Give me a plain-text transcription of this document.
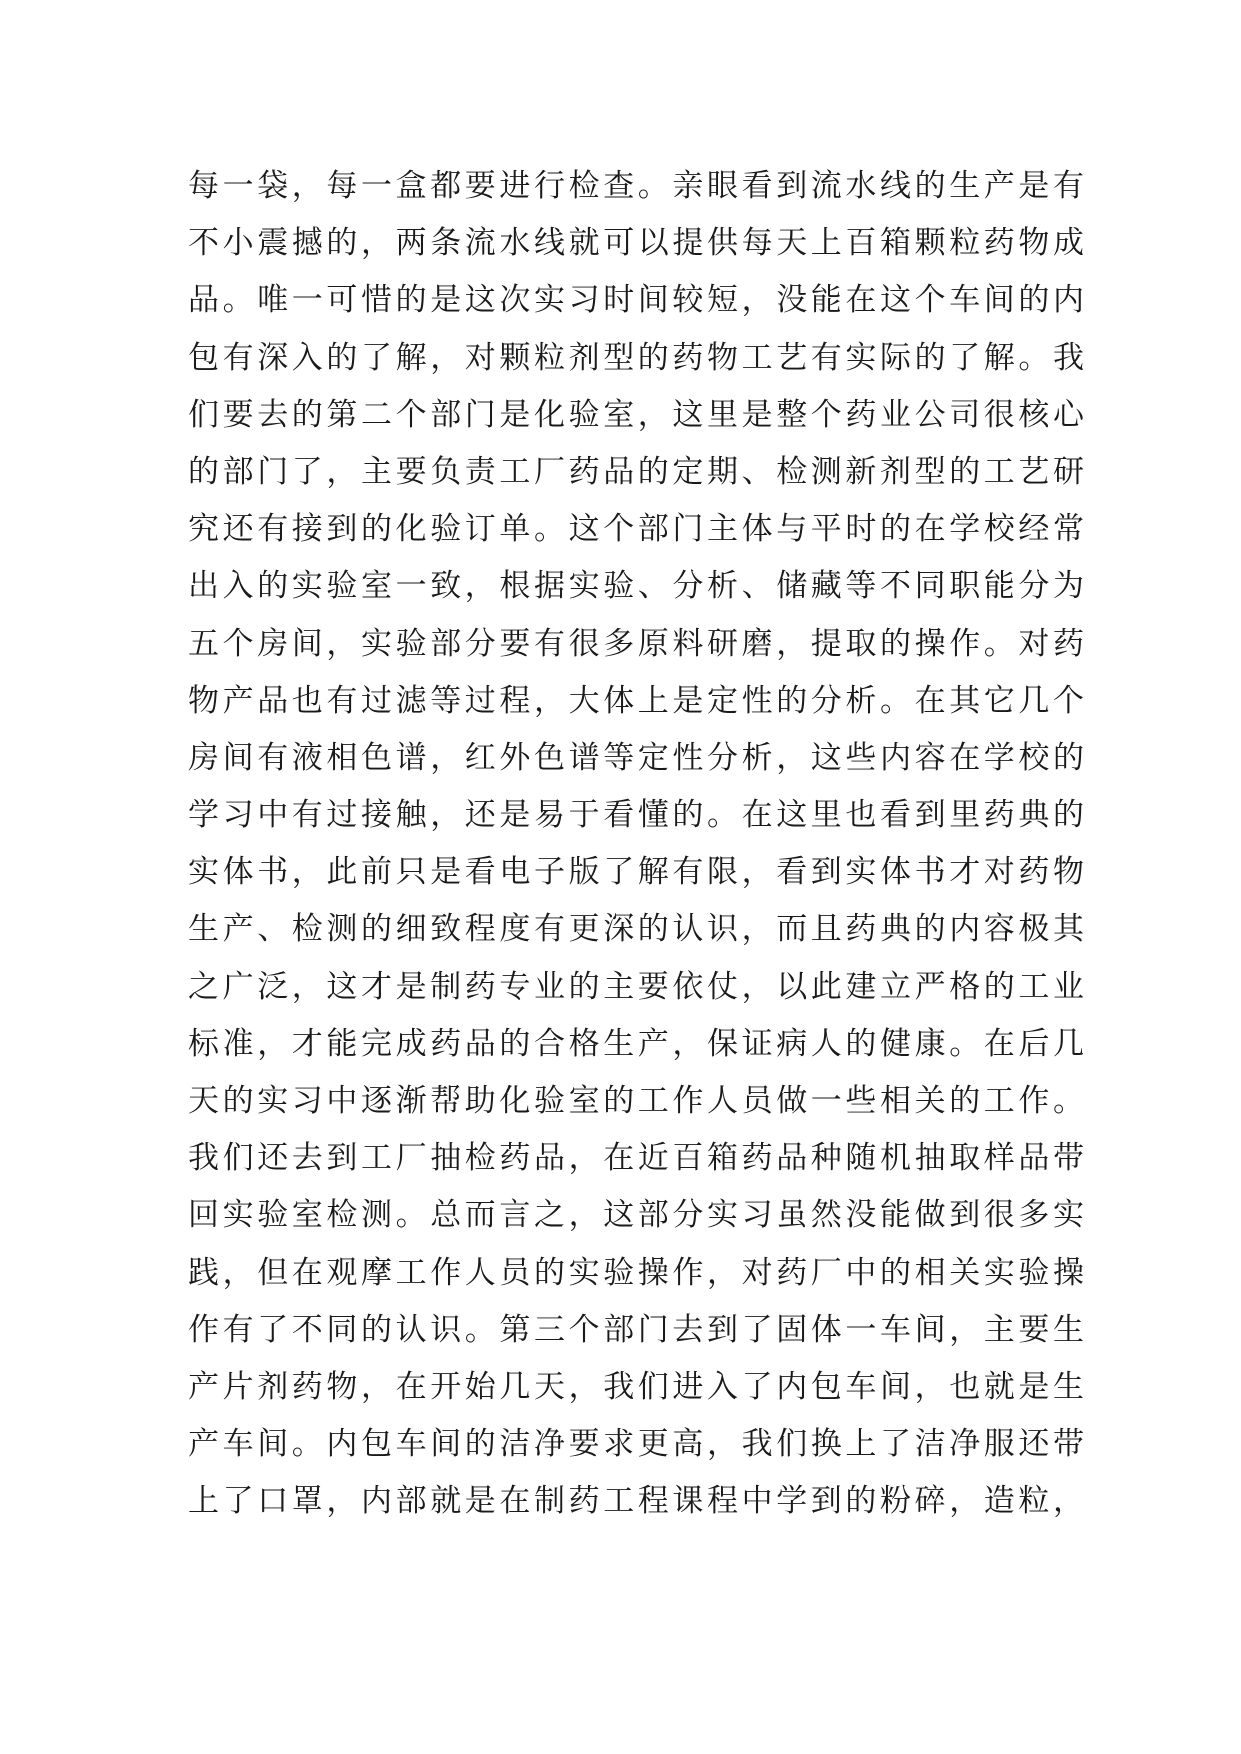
每一袋，每一盒都要进行检查。亲眼看到流水线的生产是有
不小震撼的，两条流水线就可以提供每天上百箱颗粒药物成
品。唯一可惜的是这次实习时间较短，没能在这个车间的内
包有深入的了解，对颗粒剂型的药物工艺有实际的了解。我
们要去的第二个部门是化验室，这里是整个药业公司很核心
的部门了，主要负责工厂药品的定期、检测新剂型的工艺研
究还有接到的化验订单。这个部门主体与平时的在学校经常
出入的实验室一致，根据实验、分析、储藏等不同职能分为
五个房间，实验部分要有很多原料研磨，提取的操作。对药
物产品也有过滤等过程，大体上是定性的分析。在其它几个
房间有液相色谱，红外色谱等定性分析，这些内容在学校的
学习中有过接触，还是易于看懂的。在这里也看到里药典的
实体书，此前只是看电子版了解有限，看到实体书才对药物
生产、检测的细致程度有更深的认识，而且药典的内容极其
之广泛，这才是制药专业的主要依仗，以此建立严格的工业
标准，才能完成药品的合格生产，保证病人的健康。在后几
天的实习中逐渐帮助化验室的工作人员做一些相关的工作。
我们还去到工厂抽检药品，在近百箱药品种随机抽取样品带
回实验室检测。总而言之，这部分实习虽然没能做到很多实
践，但在观摩工作人员的实验操作，对药厂中的相关实验操
作有了不同的认识。第三个部门去到了固体一车间，主要生
产片剂药物，在开始几天，我们进入了内包车间，也就是生
产车间。内包车间的洁净要求更高，我们换上了洁净服还带
上了口罩，内部就是在制药工程课程中学到的粉碎，造粒，
